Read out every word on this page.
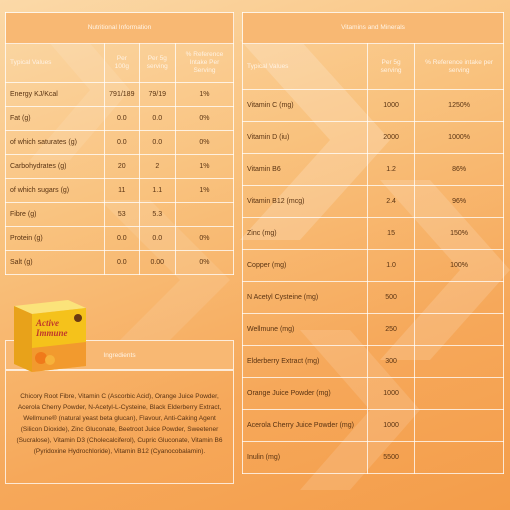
Nutritional Information			
Typical Values	Per 100g	Per 5g serving	% Reference Intake Per Serving
Energy KJ/Kcal	791/189	79/19	1%
Fat (g)	0.0	0.0	0%
of which saturates (g)	0.0	0.0	0%
Carbohydrates (g)	20	2	1%
of which sugars (g)	11	1.1	1%
Fibre (g)	53	5.3	
Protein (g)	0.0	0.0	0%
Salt (g)	0.0	0.00	0%
Vitamins and Minerals		
Typical Values	Per 5g serving	% Reference intake per serving
Vitamin C (mg)	1000	1250%
Vitamin D (iu)	2000	1000%
Vitamin B6	1.2	86%
Vitamin B12 (mcg)	2.4	96%
Zinc (mg)	15	150%
Copper (mg)	1.0	100%
N Acetyl Cysteine (mg)	500	
Wellmune (mg)	250	
Elderberry Extract (mg)	300	
Orange Juice Powder (mg)	1000	
Acerola Cherry Juice Powder (mg)	1000	
Inulin (mg)	5500	
Ingredients
Chicory Root Fibre, Vitamin C (Ascorbic Acid), Orange Juice Powder, Acerola Cherry Powder, N-Acetyl-L-Cysteine, Black Elderberry Extract, Wellmune® (natural yeast beta glucan), Flavour, Anti-Caking Agent (Silicon Dioxide), Zinc Gluconate, Beetroot Juice Powder, Sweetener (Sucralose), Vitamin D3 (Cholecalciferol), Cupric Gluconate, Vitamin B6 (Pyridoxine Hydrochloride), Vitamin B12 (Cyanocobalamin).
Active
Immune
